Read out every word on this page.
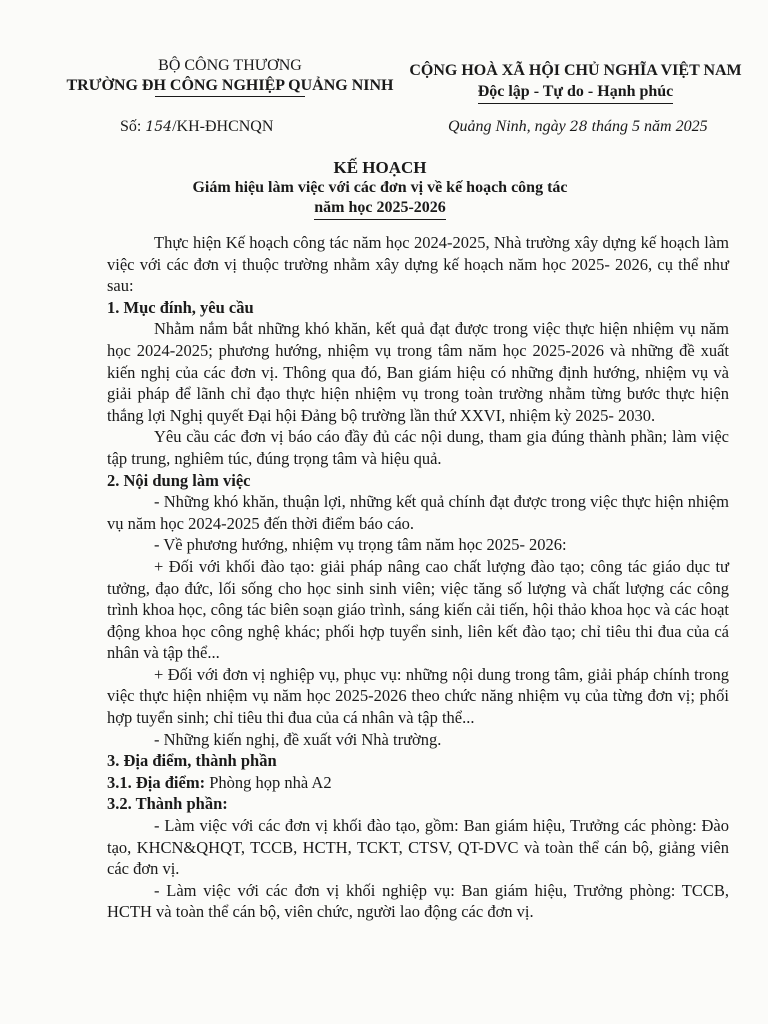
BỘ CÔNG THƯƠNG
TRƯỜNG ĐH CÔNG NGHIỆP QUẢNG NINH
CỘNG HOÀ XÃ HỘI CHỦ NGHĨA VIỆT NAM
Độc lập - Tự do - Hạnh phúc
Số: 154/KH-ĐHCNQN	Quảng Ninh, ngày 28 tháng 5 năm 2025
KẾ HOẠCH
Giám hiệu làm việc với các đơn vị về kế hoạch công tác
năm học 2025-2026

Thực hiện Kế hoạch công tác năm học 2024-2025, Nhà trường xây dựng kế hoạch làm việc với các đơn vị thuộc trường nhằm xây dựng kế hoạch năm học 2025- 2026, cụ thể như sau:

1. Mục đính, yêu cầu

Nhằm nắm bắt những khó khăn, kết quả đạt được trong việc thực hiện nhiệm vụ năm học 2024-2025; phương hướng, nhiệm vụ trong tâm năm học 2025-2026 và những đề xuất kiến nghị của các đơn vị. Thông qua đó, Ban giám hiệu có những định hướng, nhiệm vụ và giải pháp để lãnh chỉ đạo thực hiện nhiệm vụ trong toàn trường nhằm từng bước thực hiện thắng lợi Nghị quyết Đại hội Đảng bộ trường lần thứ XXVI, nhiệm kỳ 2025- 2030.

Yêu cầu các đơn vị báo cáo đầy đủ các nội dung, tham gia đúng thành phần; làm việc tập trung, nghiêm túc, đúng trọng tâm và hiệu quả.

2. Nội dung làm việc

- Những khó khăn, thuận lợi, những kết quả chính đạt được trong việc thực hiện nhiệm vụ năm học 2024-2025 đến thời điểm báo cáo.

- Về phương hướng, nhiệm vụ trọng tâm năm học 2025- 2026:

+ Đối với khối đào tạo: giải pháp nâng cao chất lượng đào tạo; công tác giáo dục tư tưởng, đạo đức, lối sống cho học sinh sinh viên; việc tăng số lượng và chất lượng các công trình khoa học, công tác biên soạn giáo trình, sáng kiến cải tiến, hội thảo khoa học và các hoạt động khoa học công nghệ khác; phối hợp tuyển sinh, liên kết đào tạo; chỉ tiêu thi đua của cá nhân và tập thể...

+ Đối với đơn vị nghiệp vụ, phục vụ: những nội dung trong tâm, giải pháp chính trong việc thực hiện nhiệm vụ năm học 2025-2026 theo chức năng nhiệm vụ của từng đơn vị; phối hợp tuyển sinh; chỉ tiêu thi đua của cá nhân và tập thể...

- Những kiến nghị, đề xuất với Nhà trường.

3. Địa điểm, thành phần

3.1. Địa điểm: Phòng họp nhà A2

3.2. Thành phần:

- Làm việc với các đơn vị khối đào tạo, gồm: Ban giám hiệu, Trưởng các phòng: Đào tạo, KHCN&QHQT, TCCB, HCTH, TCKT, CTSV, QT-DVC và toàn thể cán bộ, giảng viên các đơn vị.

- Làm việc với các đơn vị khối nghiệp vụ: Ban giám hiệu, Trưởng phòng: TCCB, HCTH và toàn thể cán bộ, viên chức, người lao động các đơn vị.
